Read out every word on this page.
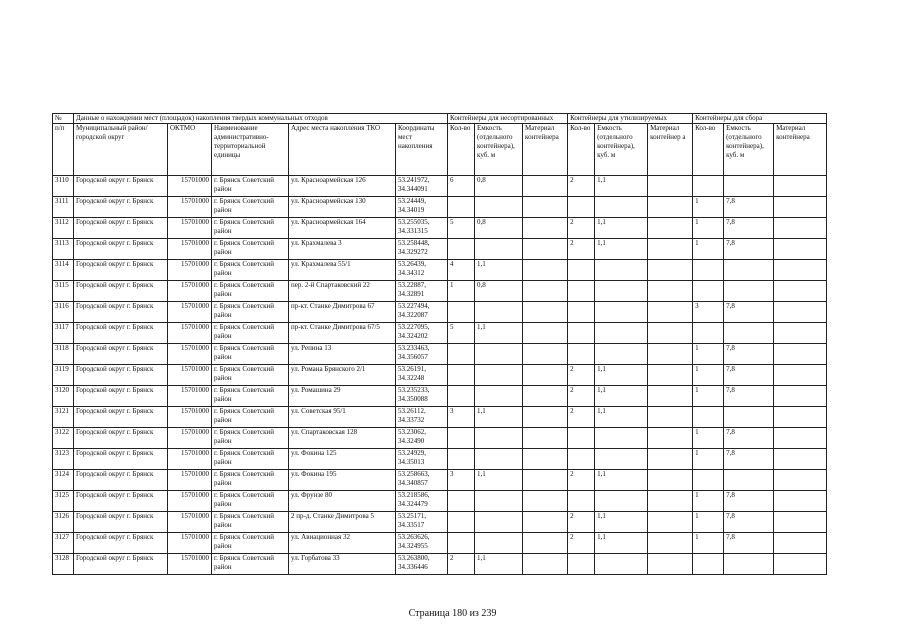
№	Данные о нахождении мест (площадок) накопления твердых коммунальных отходов					Контейнеры для несортированных			Контейнеры для утилизируемых			Контейнеры для сбора		
п/п	Муниципальный район/городской округ	ОКТМО	Наименование административно-территориальной единицы	Адрес места накопления ТКО	Координаты мест накопления	Кол-во	Емкость (отдельного контейнера), куб. м	Материал контейнера	Кол-во	Емкость (отдельного контейнера), куб. м	Материал контейнер а	Кол-во	Емкость (отдельного контейнера), куб. м	Материал контейнера
3110	Городской округ г. Брянск	15701000	г. Брянск Советский район	ул. Красноармейская 126	53.241972, 34.344091	6	0,8		2	1,1				
3111	Городской округ г. Брянск	15701000	г. Брянск Советский район	ул. Красноармейская 130	53.24449, 34.34019							1	7,8	
3112	Городской округ г. Брянск	15701000	г. Брянск Советский район	ул. Красноармейская 164	53.255035, 34.331315	5	0,8		2	1,1		1	7,8	
3113	Городской округ г. Брянск	15701000	г. Брянск Советский район	ул. Крахмалева 3	53.258448, 34.329272				2	1,1		1	7,8	
3114	Городской округ г. Брянск	15701000	г. Брянск Советский район	ул. Крахмалева 55/1	53.26439, 34.34312	4	1,1							
3115	Городской округ г. Брянск	15701000	г. Брянск Советский район	пер. 2-й Спартаковский 22	53.22887, 34.32891	1	0,8							
3116	Городской округ г. Брянск	15701000	г. Брянск Советский район	пр-кт. Станке Димитрова 67	53.227494, 34.322087							3	7,8	
3117	Городской округ г. Брянск	15701000	г. Брянск Советский район	пр-кт. Станке Димитрова 67/5	53.227095, 34.324202	5	1,1							
3118	Городской округ г. Брянск	15701000	г. Брянск Советский район	ул. Репина 13	53.233463, 34.356057							1	7,8	
3119	Городской округ г. Брянск	15701000	г. Брянск Советский район	ул. Романа Брянского 2/1	53.26191, 34.32248				2	1,1		1	7,8	
3120	Городской округ г. Брянск	15701000	г. Брянск Советский район	ул. Ромашина 29	53.235233, 34.350088				2	1,1		1	7,8	
3121	Городской округ г. Брянск	15701000	г. Брянск Советский район	ул. Советская 95/1	53.26112, 34.33732	3	1,1		2	1,1				
3122	Городской округ г. Брянск	15701000	г. Брянск Советский район	ул. Спартаковская 128	53.23062, 34.32490							1	7,8	
3123	Городской округ г. Брянск	15701000	г. Брянск Советский район	ул. Фокина 125	53.24929, 34.35013							1	7,8	
3124	Городской округ г. Брянск	15701000	г. Брянск Советский район	ул. Фокина 195	53.258663, 34.340857	3	1,1		2	1,1				
3125	Городской округ г. Брянск	15701000	г. Брянск Советский район	ул. Фрунзе 80	53.218586, 34.324479							1	7,8	
3126	Городской округ г. Брянск	15701000	г. Брянск Советский район	2 пр-д. Станке Димитрова 5	53.25171, 34.33517				2	1,1		1	7,8	
3127	Городской округ г. Брянск	15701000	г. Брянск Советский район	ул. Авиационная 32	53.263626, 34.324955				2	1,1		1	7,8	
3128	Городской округ г. Брянск	15701000	г. Брянск Советский район	ул. Горбатова 33	53.263800, 34.336446	2	1,1							
Страница 180 из 239
